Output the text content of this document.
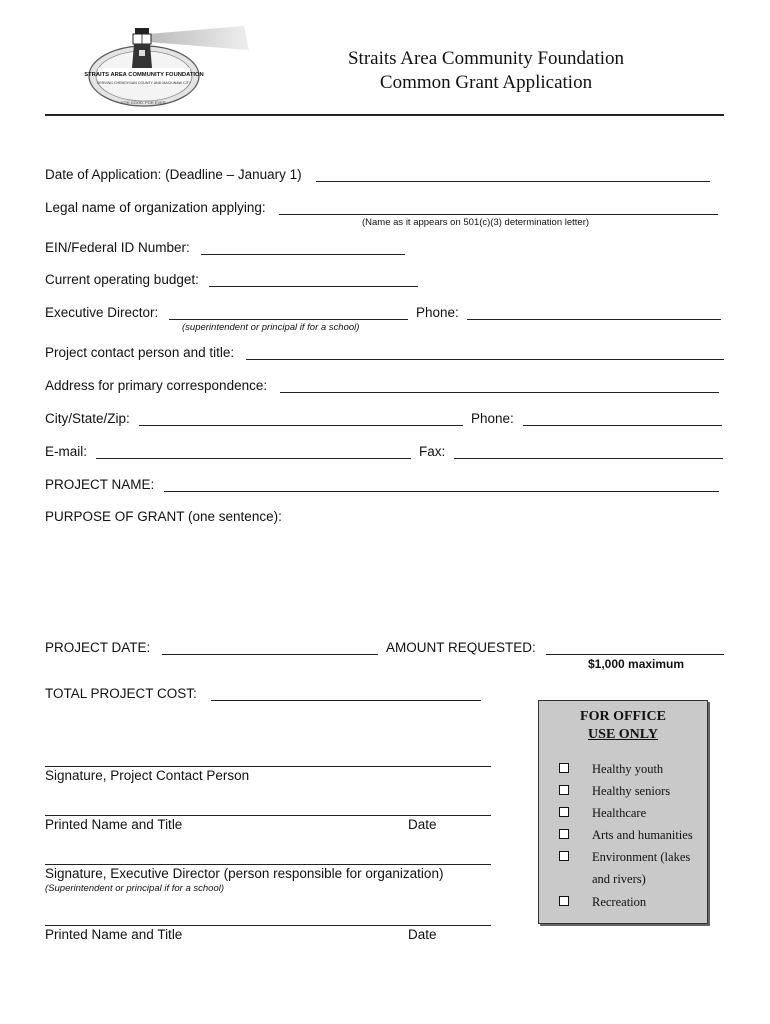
STRAITS AREA COMMUNITY FOUNDATION
SERVING CHEBOYGAN COUNTY AND MACKINAW CITY
FOR GOOD. FOR EVER.
Straits Area Community Foundation
Common Grant Application
Date of Application: (Deadline – January 1)
Legal name of organization applying:
(Name as it appears on 501(c)(3) determination letter)
EIN/Federal ID Number:
Current operating budget:
Executive Director:
(superintendent or principal if for a school)
Phone:
Project contact person and title:
Address for primary correspondence:
City/State/Zip:	Phone:
E-mail:	Fax:
PROJECT NAME:
PURPOSE OF GRANT (one sentence):
PROJECT DATE:	AMOUNT REQUESTED:
$1,000 maximum
TOTAL PROJECT COST:
Signature, Project Contact Person
Printed Name and Title	Date
Signature, Executive Director (person responsible for organization)
(Superintendent or principal if for a school)
Printed Name and Title	Date
FOR OFFICE
USE ONLY
Healthy youth
Healthy seniors
Healthcare
Arts and humanities
Environment (lakes
and rivers)
Recreation
